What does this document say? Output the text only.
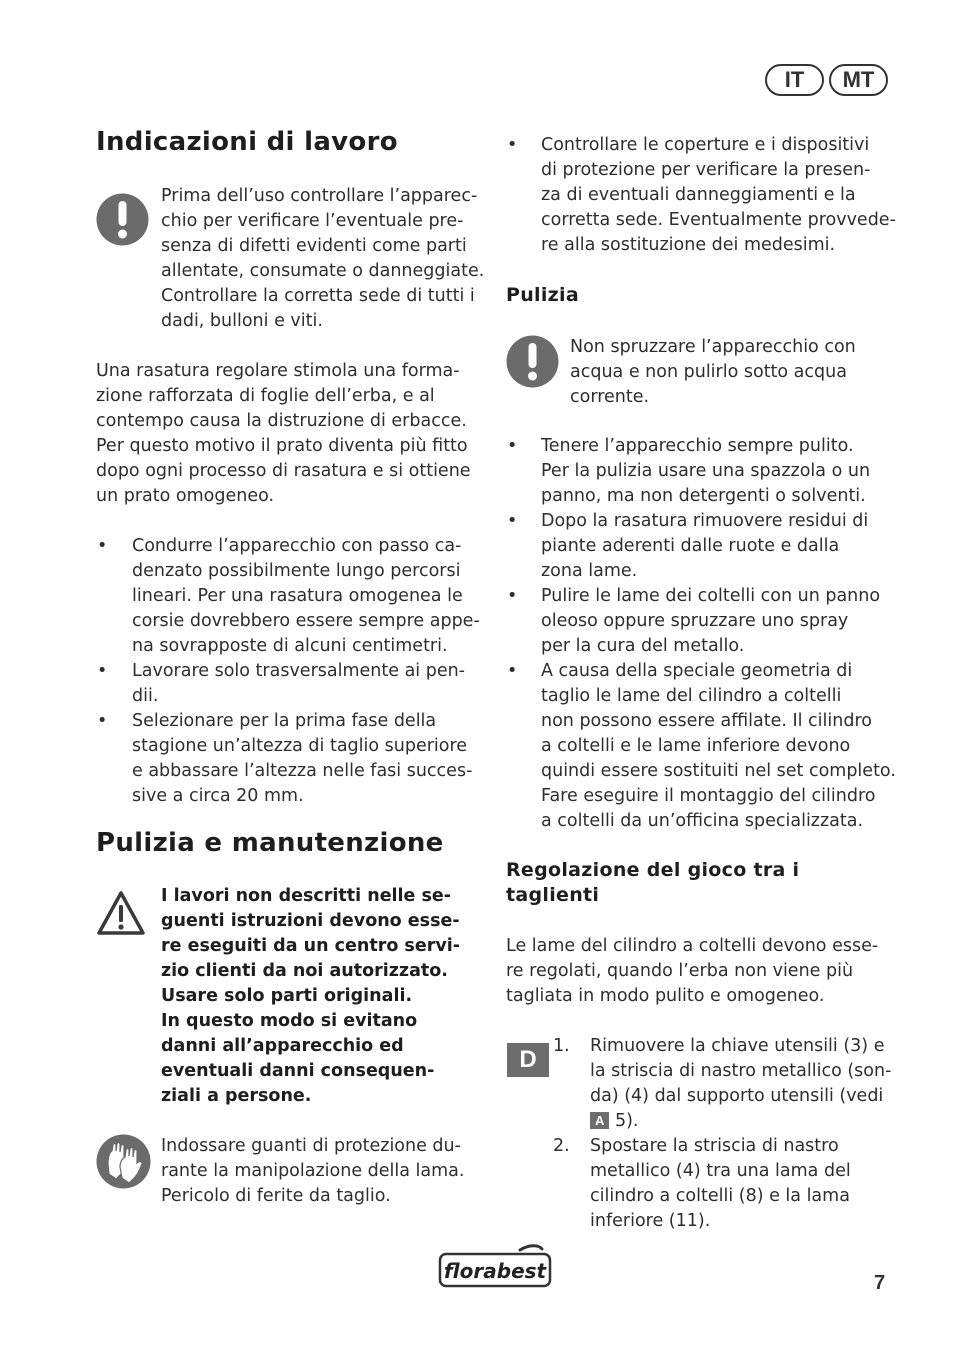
IT	MT
Indicazioni di lavoro
Prima dell’uso controllare l’apparec-
chio per verificare l’eventuale pre-
senza di difetti evidenti come parti
allentate, consumate o danneggiate.
Controllare la corretta sede di tutti i
dadi, bulloni e viti.
Una rasatura regolare stimola una forma-
zione rafforzata di foglie dell’erba, e al
contempo causa la distruzione di erbacce.
Per questo motivo il prato diventa più fitto
dopo ogni processo di rasatura e si ottiene
un prato omogeneo.
• Condurre l’apparecchio con passo ca-
denzato possibilmente lungo percorsi
lineari. Per una rasatura omogenea le
corsie dovrebbero essere sempre appe-
na sovrapposte di alcuni centimetri.
• Lavorare solo trasversalmente ai pen-
dii.
• Selezionare per la prima fase della
stagione un’altezza di taglio superiore
e abbassare l’altezza nelle fasi succes-
sive a circa 20 mm.
Pulizia e manutenzione
I lavori non descritti nelle se-
guenti istruzioni devono esse-
re eseguiti da un centro servi-
zio clienti da noi autorizzato.
Usare solo parti originali.
In questo modo si evitano
danni all’apparecchio ed
eventuali danni consequen-
ziali a persone.
Indossare guanti di protezione du-
rante la manipolazione della lama.
Pericolo di ferite da taglio.
• Controllare le coperture e i dispositivi
di protezione per verificare la presen-
za di eventuali danneggiamenti e la
corretta sede. Eventualmente provvede-
re alla sostituzione dei medesimi.
Pulizia
Non spruzzare l’apparecchio con
acqua e non pulirlo sotto acqua
corrente.
• Tenere l’apparecchio sempre pulito.
Per la pulizia usare una spazzola o un
panno, ma non detergenti o solventi.
• Dopo la rasatura rimuovere residui di
piante aderenti dalle ruote e dalla
zona lame.
• Pulire le lame dei coltelli con un panno
oleoso oppure spruzzare uno spray
per la cura del metallo.
• A causa della speciale geometria di
taglio le lame del cilindro a coltelli
non possono essere affilate. Il cilindro
a coltelli e le lame inferiore devono
quindi essere sostituiti nel set completo.
Fare eseguire il montaggio del cilindro
a coltelli da un’officina specializzata.
Regolazione del gioco tra i
taglienti
Le lame del cilindro a coltelli devono esse-
re regolati, quando l’erba non viene più
tagliata in modo pulito e omogeneo.
D 1. Rimuovere la chiave utensili (3) e
la striscia di nastro metallico (son-
da) (4) dal supporto utensili (vedi
A 5).
2. Spostare la striscia di nastro
metallico (4) tra una lama del
cilindro a coltelli (8) e la lama
inferiore (11).
florabest	7
